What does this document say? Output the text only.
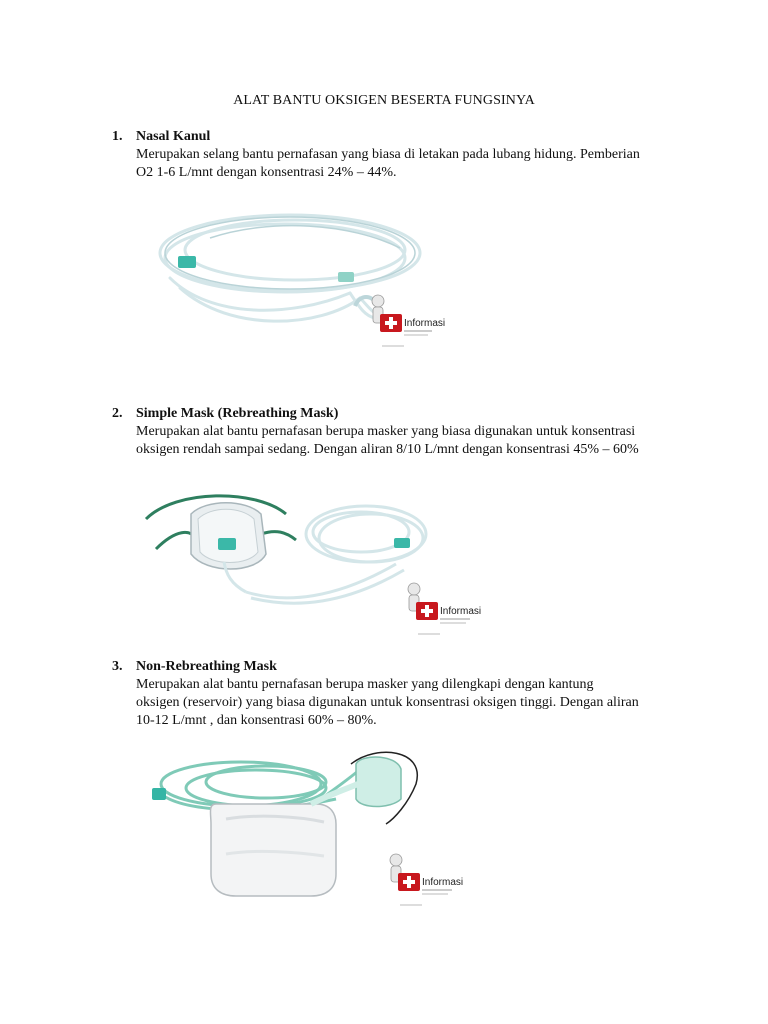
ALAT BANTU OKSIGEN BESERTA FUNGSINYA
1. Nasal Kanul
Merupakan selang bantu pernafasan yang biasa di letakan pada lubang hidung. Pemberian
O2 1-6 L/mnt dengan konsentrasi 24% – 44%.
Informasi
2. Simple Mask (Rebreathing Mask)
Merupakan alat bantu pernafasan berupa masker yang biasa digunakan untuk konsentrasi
oksigen rendah sampai sedang. Dengan aliran 8/10 L/mnt dengan konsentrasi 45% – 60%
Informasi
3. Non-Rebreathing Mask
Merupakan alat bantu pernafasan berupa masker yang dilengkapi dengan kantung
oksigen (reservoir) yang biasa digunakan untuk konsentrasi oksigen tinggi. Dengan aliran
10-12 L/mnt , dan konsentrasi 60% – 80%.
Informasi
